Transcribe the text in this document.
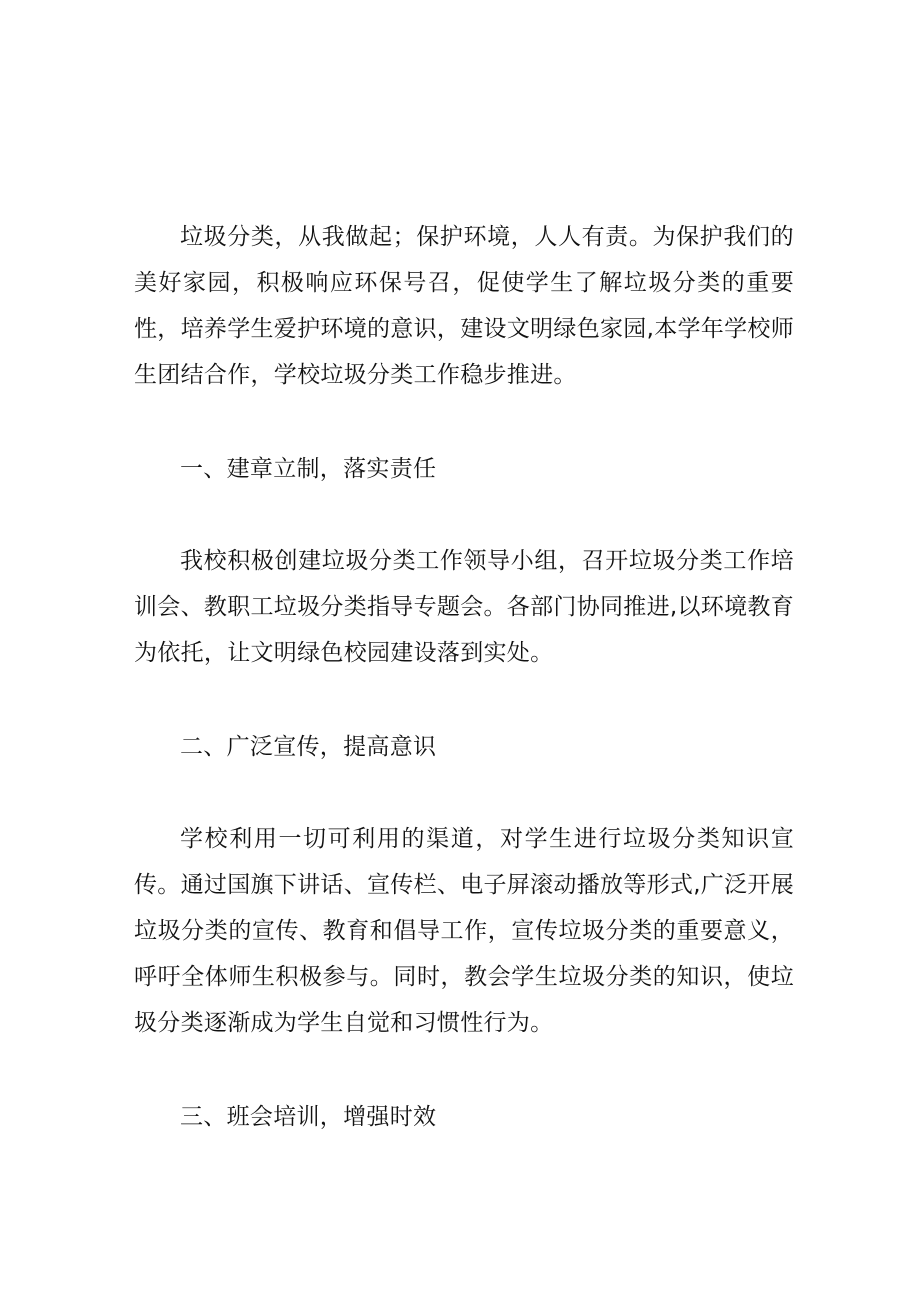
垃圾分类，从我做起；保护环境，人人有责。为保护我们的美好家园，积极响应环保号召，促使学生了解垃圾分类的重要性，培养学生爱护环境的意识，建设文明绿色家园,本学年学校师生团结合作，学校垃圾分类工作稳步推进。

一、建章立制，落实责任

我校积极创建垃圾分类工作领导小组，召开垃圾分类工作培训会、教职工垃圾分类指导专题会。各部门协同推进,以环境教育为依托，让文明绿色校园建设落到实处。

二、广泛宣传，提高意识

学校利用一切可利用的渠道，对学生进行垃圾分类知识宣传。通过国旗下讲话、宣传栏、电子屏滚动播放等形式,广泛开展垃圾分类的宣传、教育和倡导工作，宣传垃圾分类的重要意义，呼吁全体师生积极参与。同时，教会学生垃圾分类的知识，使垃圾分类逐渐成为学生自觉和习惯性行为。

三、班会培训，增强时效
